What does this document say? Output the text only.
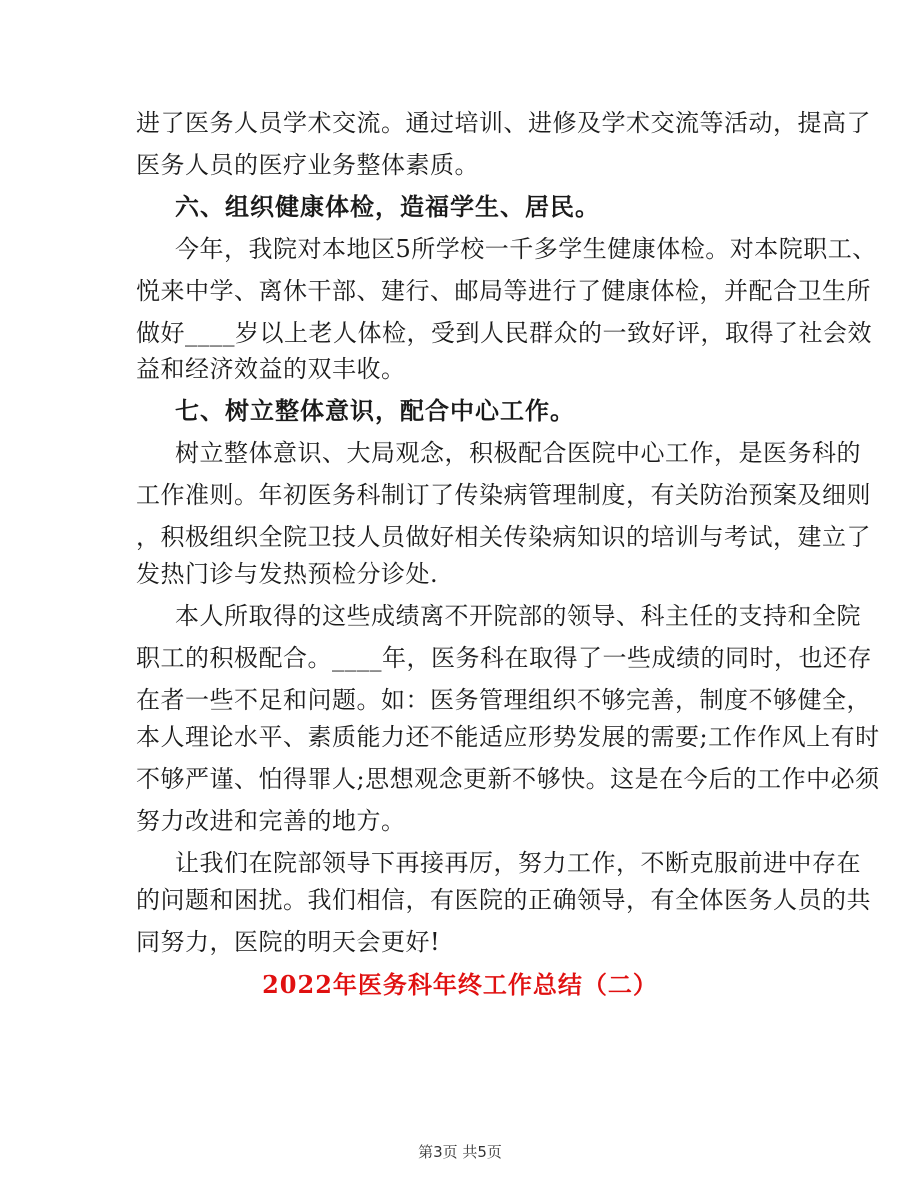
进了医务人员学术交流。通过培训、进修及学术交流等活动，提高了
医务人员的医疗业务整体素质。
六、组织健康体检，造福学生、居民。
今年，我院对本地区5所学校一千多学生健康体检。对本院职工、
悦来中学、离休干部、建行、邮局等进行了健康体检，并配合卫生所
做好____岁以上老人体检，受到人民群众的一致好评，取得了社会效
益和经济效益的双丰收。
七、树立整体意识，配合中心工作。
树立整体意识、大局观念，积极配合医院中心工作，是医务科的
工作准则。年初医务科制订了传染病管理制度，有关防治预案及细则
，积极组织全院卫技人员做好相关传染病知识的培训与考试，建立了
发热门诊与发热预检分诊处.
本人所取得的这些成绩离不开院部的领导、科主任的支持和全院
职工的积极配合。____年，医务科在取得了一些成绩的同时，也还存
在者一些不足和问题。如：医务管理组织不够完善，制度不够健全，
本人理论水平、素质能力还不能适应形势发展的需要;工作作风上有时
不够严谨、怕得罪人;思想观念更新不够快。这是在今后的工作中必须
努力改进和完善的地方。
让我们在院部领导下再接再厉，努力工作，不断克服前进中存在
的问题和困扰。我们相信，有医院的正确领导，有全体医务人员的共
同努力，医院的明天会更好!
2022年医务科年终工作总结（二）
第3页 共5页
